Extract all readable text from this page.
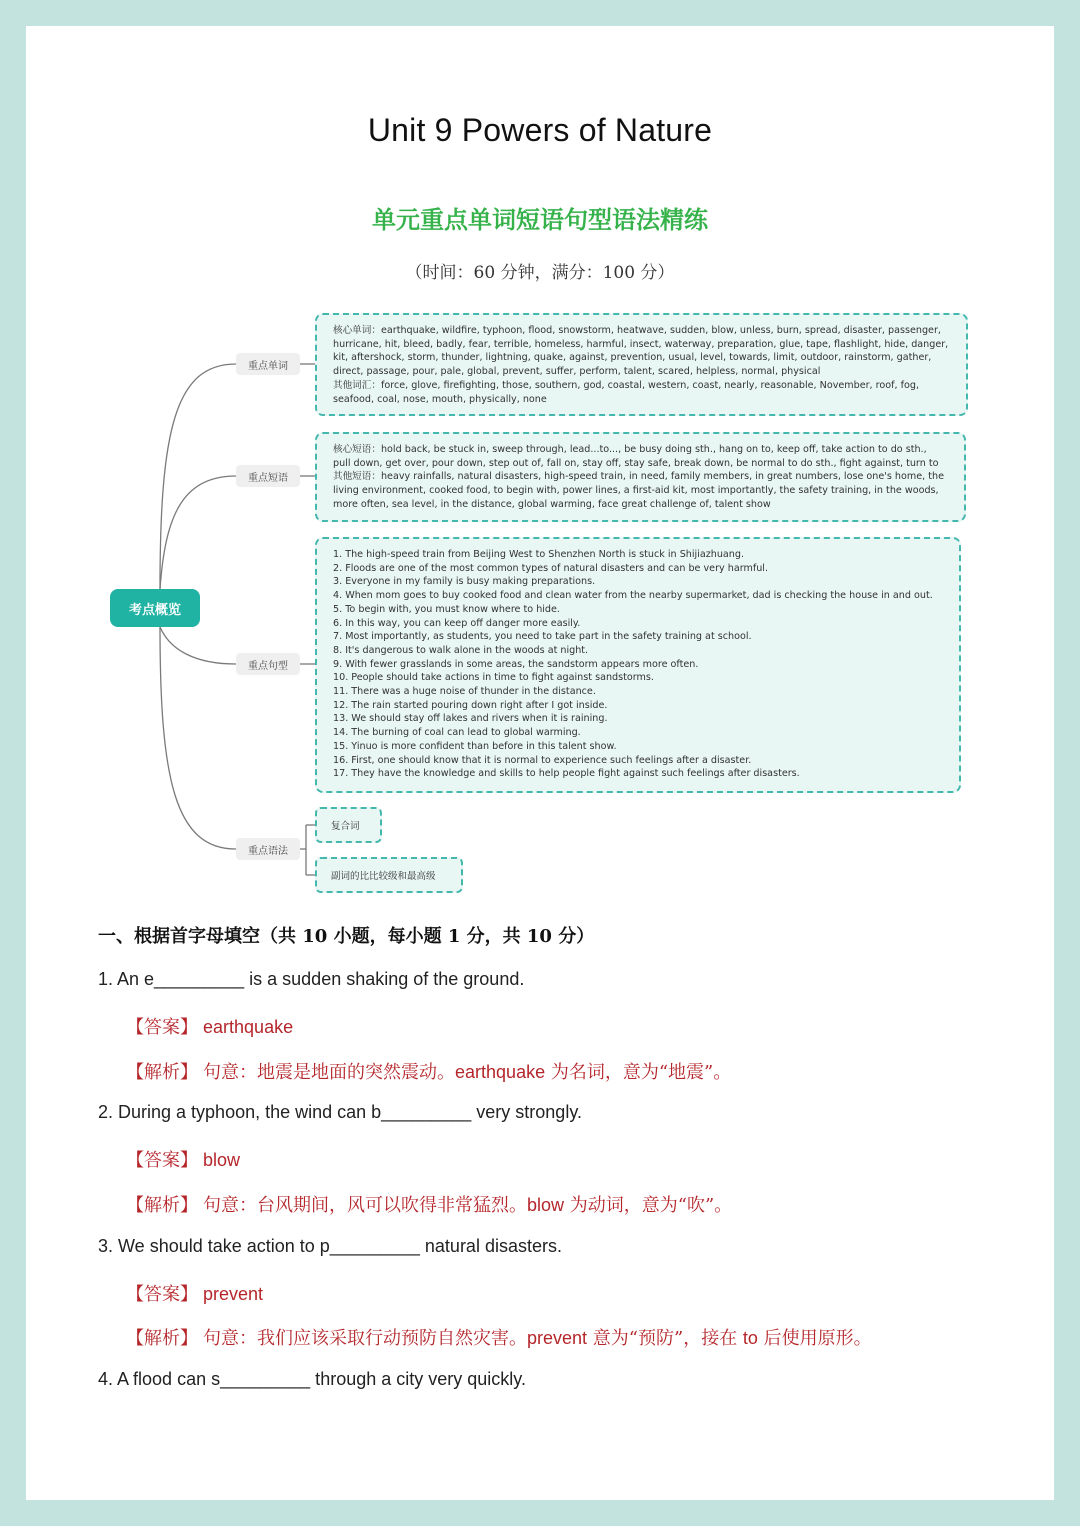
Unit 9 Powers of Nature
单元重点单词短语句型语法精练
（时间：60 分钟，满分：100 分）
考点概览
重点单词
重点短语
重点句型
重点语法

核心单词：earthquake, wildfire, typhoon, flood, snowstorm, heatwave, sudden, blow, unless, burn, spread, disaster, passenger,

hurricane, hit, bleed, badly, fear, terrible, homeless, harmful, insect, waterway, preparation, glue, tape, flashlight, hide, danger,

kit, aftershock, storm, thunder, lightning, quake, against, prevention, usual, level, towards, limit, outdoor, rainstorm, gather,

direct, passage, pour, pale, global, prevent, suffer, perform, talent, scared, helpless, normal, physical

其他词汇：force, glove, firefighting, those, southern, god, coastal, western, coast, nearly, reasonable, November, roof, fog,

seafood, coal, nose, mouth, physically, none

核心短语：hold back, be stuck in, sweep through, lead...to..., be busy doing sth., hang on to, keep off, take action to do sth.,

pull down, get over, pour down, step out of, fall on, stay off, stay safe, break down, be normal to do sth., fight against, turn to

其他短语：heavy rainfalls, natural disasters, high-speed train, in need, family members, in great numbers, lose one's home, the

living environment, cooked food, to begin with, power lines, a first-aid kit, most importantly, the safety training, in the woods,

more often, sea level, in the distance, global warming, face great challenge of, talent show

1. The high-speed train from Beijing West to Shenzhen North is stuck in Shijiazhuang.
2. Floods are one of the most common types of natural disasters and can be very harmful.
3. Everyone in my family is busy making preparations.
4. When mom goes to buy cooked food and clean water from the nearby supermarket, dad is checking the house in and out.
5. To begin with, you must know where to hide.
6. In this way, you can keep off danger more easily.
7. Most importantly, as students, you need to take part in the safety training at school.
8. It's dangerous to walk alone in the woods at night.
9. With fewer grasslands in some areas, the sandstorm appears more often.
10. People should take actions in time to fight against sandstorms.
11. There was a huge noise of thunder in the distance.
12. The rain started pouring down right after I got inside.
13. We should stay off lakes and rivers when it is raining.
14. The burning of coal can lead to global warming.
15. Yinuo is more confident than before in this talent show.
16. First, one should know that it is normal to experience such feelings after a disaster.
17. They have the knowledge and skills to help people fight against such feelings after disasters.
复合词
副词的比比较级和最高级
一、根据首字母填空（共 10 小题，每小题 1 分，共 10 分）
1. An e_________ is a sudden shaking of the ground.
【答案】 earthquake
【解析】 句意：地震是地面的突然震动。earthquake 为名词，意为“地震”。
2. During a typhoon, the wind can b_________ very strongly.
【答案】 blow
【解析】 句意：台风期间，风可以吹得非常猛烈。blow 为动词，意为“吹”。
3. We should take action to p_________ natural disasters.
【答案】 prevent
【解析】 句意：我们应该采取行动预防自然灾害。prevent 意为“预防”，接在 to 后使用原形。
4. A flood can s_________ through a city very quickly.
